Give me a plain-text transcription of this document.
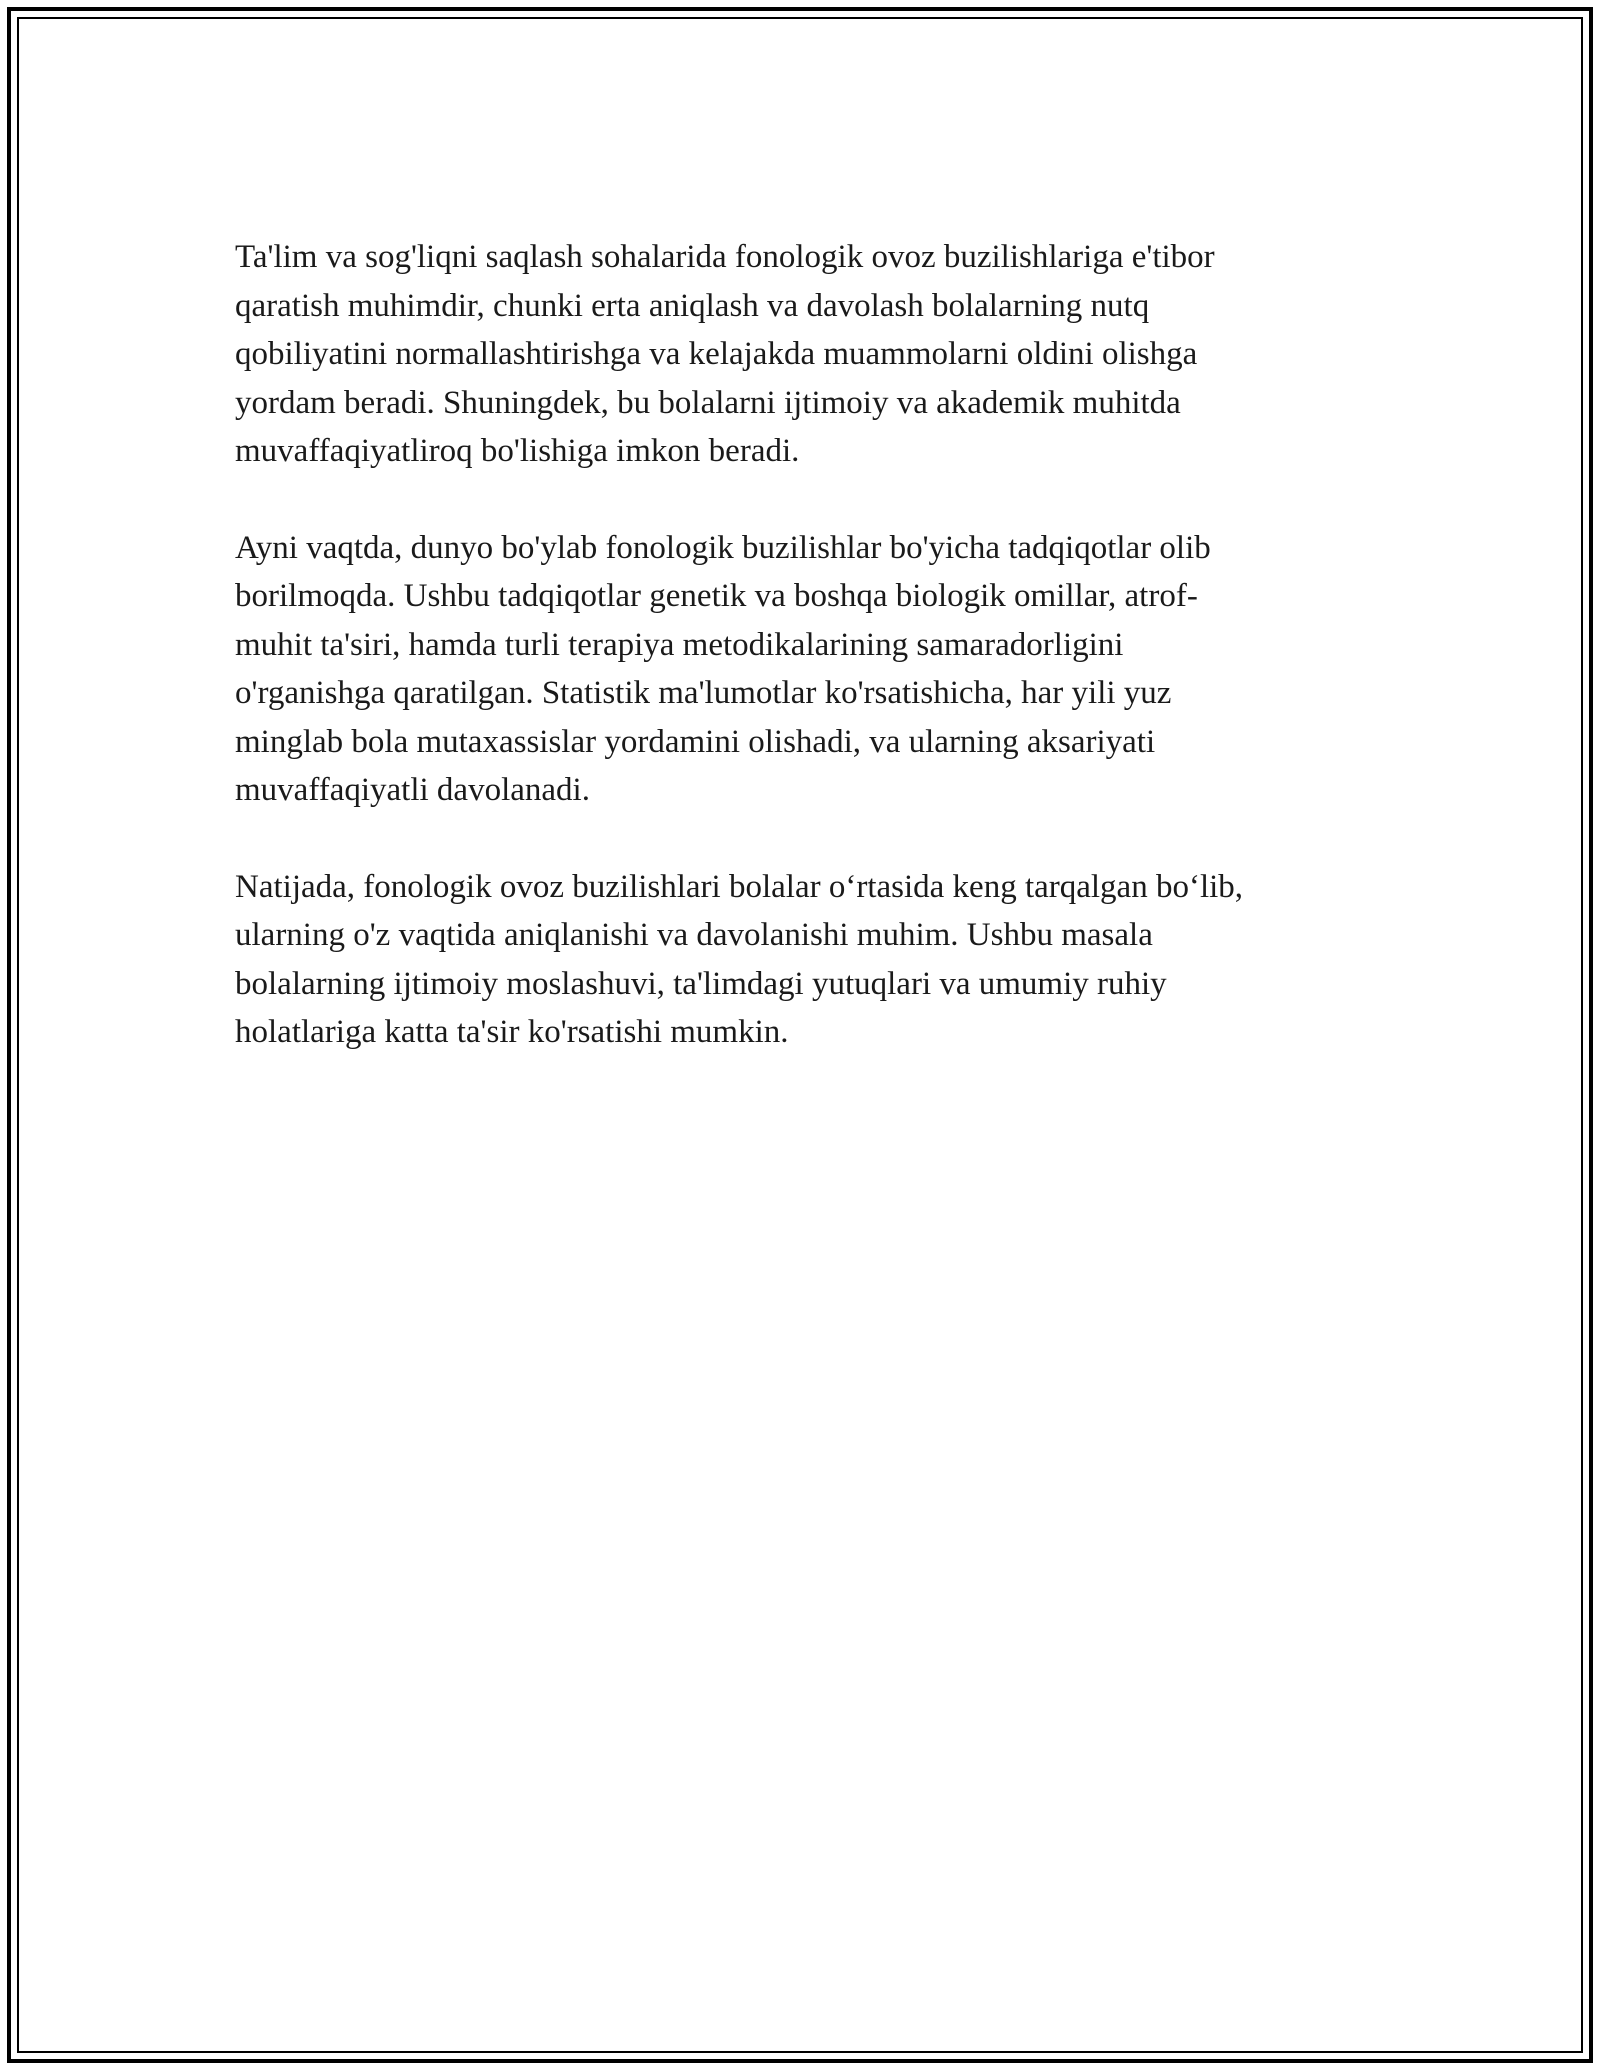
Ta'lim va sog'liqni saqlash sohalarida fonologik ovoz buzilishlariga e'tibor
qaratish muhimdir, chunki erta aniqlash va davolash bolalarning nutq
qobiliyatini normallashtirishga va kelajakda muammolarni oldini olishga
yordam beradi. Shuningdek, bu bolalarni ijtimoiy va akademik muhitda
muvaffaqiyatliroq bo'lishiga imkon beradi.

Ayni vaqtda, dunyo bo'ylab fonologik buzilishlar bo'yicha tadqiqotlar olib
borilmoqda. Ushbu tadqiqotlar genetik va boshqa biologik omillar, atrof-
muhit ta'siri, hamda turli terapiya metodikalarining samaradorligini
o'rganishga qaratilgan. Statistik ma'lumotlar ko'rsatishicha, har yili yuz
minglab bola mutaxassislar yordamini olishadi, va ularning aksariyati
muvaffaqiyatli davolanadi.

Natijada, fonologik ovoz buzilishlari bolalar o‘rtasida keng tarqalgan bo‘lib,
ularning o'z vaqtida aniqlanishi va davolanishi muhim. Ushbu masala
bolalarning ijtimoiy moslashuvi, ta'limdagi yutuqlari va umumiy ruhiy
holatlariga katta ta'sir ko'rsatishi mumkin.
